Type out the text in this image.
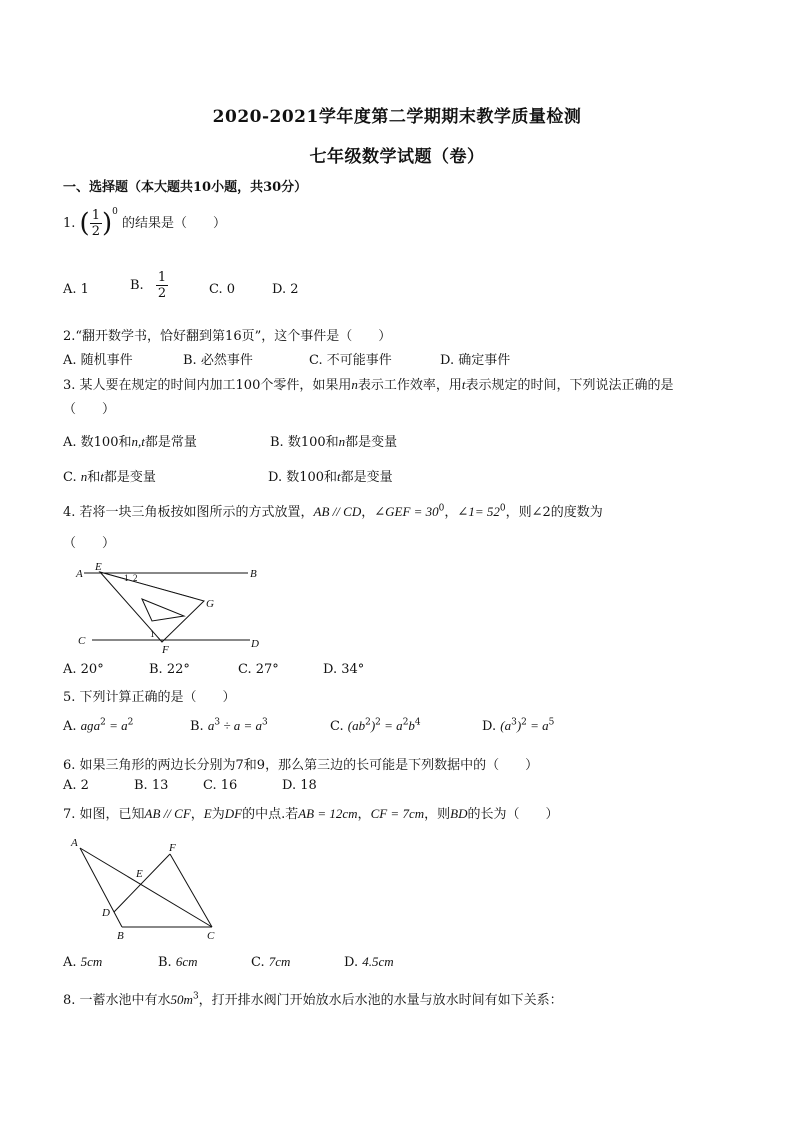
2020-2021学年度第二学期期末教学质量检测
七年级数学试题（卷）
一、选择题（本大题共10小题，共30分）
1. ( $\frac{1}{2} )^0$ 的结果是（　　）
A. 1	B. $\frac{1}{2}$	C. 0	D. 2
2.“翻开数学书，恰好翻到第16页”，这个事件是（　　）
A. 随机事件	B. 必然事件	C. 不可能事件	D. 确定事件
3. 某人要在规定的时间内加工100个零件，如果用n表示工作效率，用t表示规定的时间，下列说法正确的是
（　　）
A. 数100和n,t都是常量	B. 数100和n都是变量
C. n和t都是变量	D. 数100和t都是变量
4. 若将一块三角板按如图所示的方式放置，AB // CD，∠GEF = $30^0$，∠1= $52^0$，则∠2的度数为
（　　）
A
E
B
G
C
F	D
1 2
1
A. 20°	B. 22°	C. 27°	D. 34°
5. 下列计算正确的是（　　）
A. aɡa$^2$ = $a^2$	B. $a^3 \div a = a^3$	C. $(ab^2)^2 = a^2b^4$	D. $(a^3)^2 = a^5$
6. 如果三角形的两边长分别为7和9，那么第三边的长可能是下列数据中的（　　）
A. 2	B. 13	C. 16	D. 18
7. 如图，已知AB // CF，E为DF的中点.若AB = 12cm，CF = 7cm，则BD的长为（　　）
A	F
E
D
B	C
A. 5cm	B. 6cm	C. 7cm	D. 4.5cm
8. 一蓄水池中有水$50m^3$，打开排水阀门开始放水后水池的水量与放水时间有如下关系：
